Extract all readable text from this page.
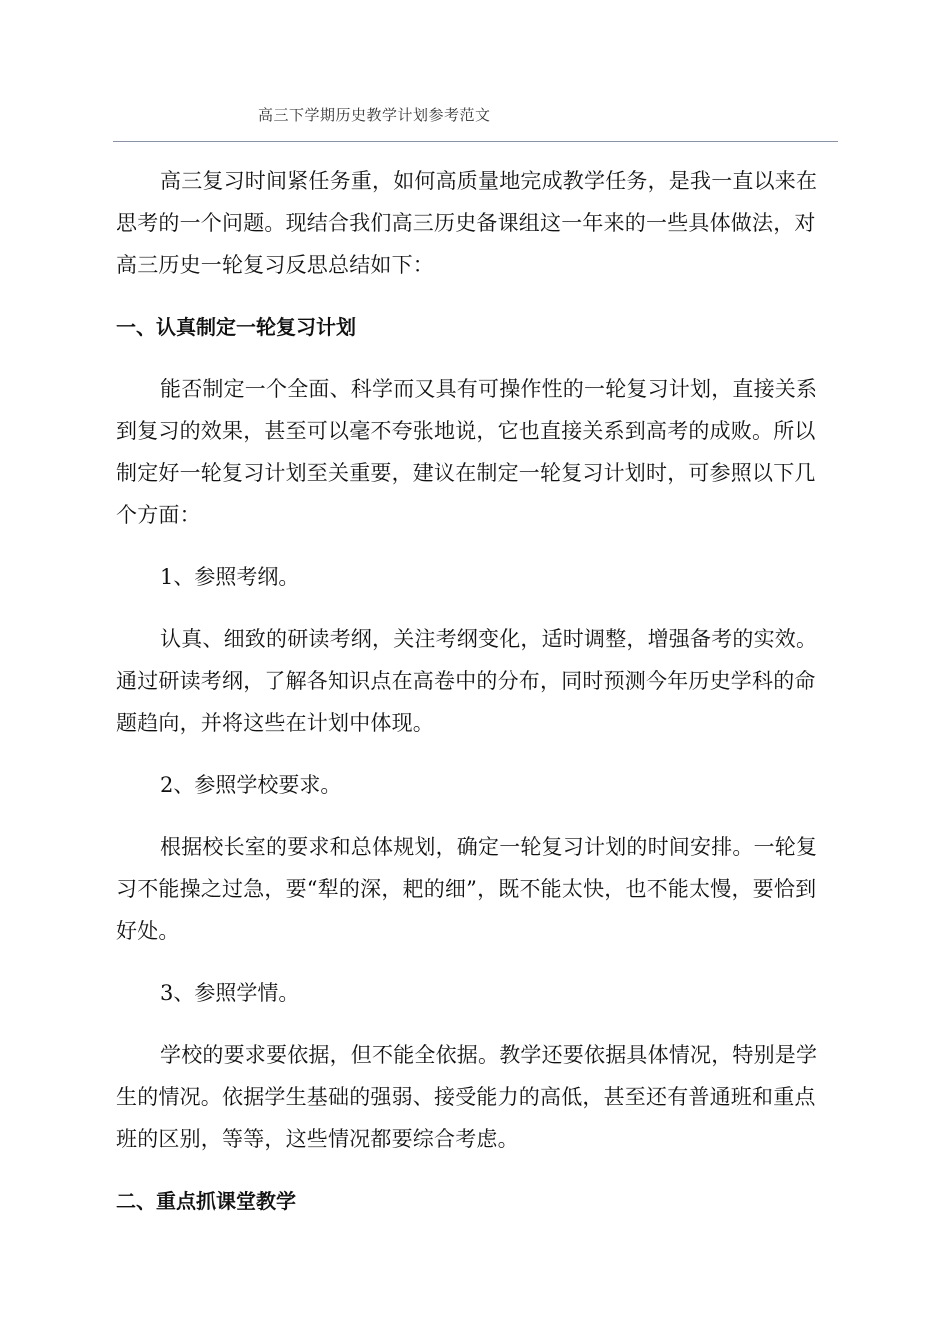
高三下学期历史教学计划参考范文

高三复习时间紧任务重，如何高质量地完成教学任务，是我一直以来在思考的一个问题。现结合我们高三历史备课组这一年来的一些具体做法，对高三历史一轮复习反思总结如下：

一、认真制定一轮复习计划

能否制定一个全面、科学而又具有可操作性的一轮复习计划，直接关系到复习的效果，甚至可以毫不夸张地说，它也直接关系到高考的成败。所以制定好一轮复习计划至关重要，建议在制定一轮复习计划时，可参照以下几个方面：

1、参照考纲。

认真、细致的研读考纲，关注考纲变化，适时调整，增强备考的实效。通过研读考纲，了解各知识点在高卷中的分布，同时预测今年历史学科的命题趋向，并将这些在计划中体现。

2、参照学校要求。

根据校长室的要求和总体规划，确定一轮复习计划的时间安排。一轮复习不能操之过急，要“犁的深，耙的细”，既不能太快，也不能太慢，要恰到好处。

3、参照学情。

学校的要求要依据，但不能全依据。教学还要依据具体情况，特别是学生的情况。依据学生基础的强弱、接受能力的高低，甚至还有普通班和重点班的区别，等等，这些情况都要综合考虑。

二、重点抓课堂教学
